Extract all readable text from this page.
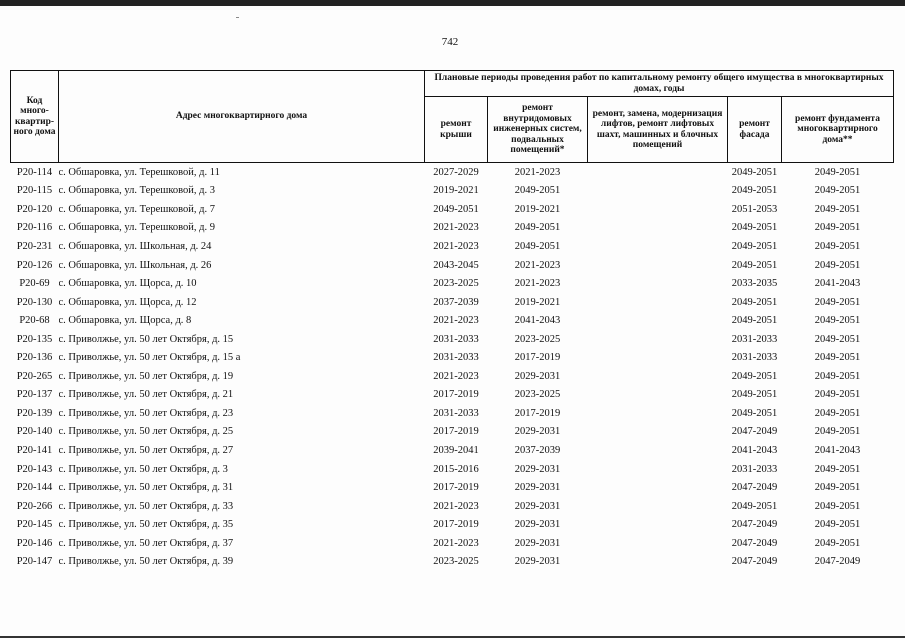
742
Код много-квартир-ного дома	Адрес многоквартирного дома	Плановые периоды проведения работ по капитальному ремонту общего имущества в многоквартирных домах, годы				
		ремонт крыши	ремонт внутридомовых инженерных систем, подвальных помещений*	ремонт, замена, модернизация лифтов, ремонт лифтовых шахт, машинных и блочных помещений	ремонт фасада	ремонт фундамента многоквартирного дома**
P20-114	с. Обшаровка, ул. Терешковой, д. 11	2027-2029	2021-2023		2049-2051	2049-2051
P20-115	с. Обшаровка, ул. Терешковой, д. 3	2019-2021	2049-2051		2049-2051	2049-2051
P20-120	с. Обшаровка, ул. Терешковой, д. 7	2049-2051	2019-2021		2051-2053	2049-2051
P20-116	с. Обшаровка, ул. Терешковой, д. 9	2021-2023	2049-2051		2049-2051	2049-2051
P20-231	с. Обшаровка, ул. Школьная, д. 24	2021-2023	2049-2051		2049-2051	2049-2051
P20-126	с. Обшаровка, ул. Школьная, д. 26	2043-2045	2021-2023		2049-2051	2049-2051
P20-69	с. Обшаровка, ул. Щорса, д. 10	2023-2025	2021-2023		2033-2035	2041-2043
P20-130	с. Обшаровка, ул. Щорса, д. 12	2037-2039	2019-2021		2049-2051	2049-2051
P20-68	с. Обшаровка, ул. Щорса, д. 8	2021-2023	2041-2043		2049-2051	2049-2051
P20-135	с. Приволжье, ул. 50 лет Октября, д. 15	2031-2033	2023-2025		2031-2033	2049-2051
P20-136	с. Приволжье, ул. 50 лет Октября, д. 15 а	2031-2033	2017-2019		2031-2033	2049-2051
P20-265	с. Приволжье, ул. 50 лет Октября, д. 19	2021-2023	2029-2031		2049-2051	2049-2051
P20-137	с. Приволжье, ул. 50 лет Октября, д. 21	2017-2019	2023-2025		2049-2051	2049-2051
P20-139	с. Приволжье, ул. 50 лет Октября, д. 23	2031-2033	2017-2019		2049-2051	2049-2051
P20-140	с. Приволжье, ул. 50 лет Октября, д. 25	2017-2019	2029-2031		2047-2049	2049-2051
P20-141	с. Приволжье, ул. 50 лет Октября, д. 27	2039-2041	2037-2039		2041-2043	2041-2043
P20-143	с. Приволжье, ул. 50 лет Октября, д. 3	2015-2016	2029-2031		2031-2033	2049-2051
P20-144	с. Приволжье, ул. 50 лет Октября, д. 31	2017-2019	2029-2031		2047-2049	2049-2051
P20-266	с. Приволжье, ул. 50 лет Октября, д. 33	2021-2023	2029-2031		2049-2051	2049-2051
P20-145	с. Приволжье, ул. 50 лет Октября, д. 35	2017-2019	2029-2031		2047-2049	2049-2051
P20-146	с. Приволжье, ул. 50 лет Октября, д. 37	2021-2023	2029-2031		2047-2049	2049-2051
P20-147	с. Приволжье, ул. 50 лет Октября, д. 39	2023-2025	2029-2031		2047-2049	2047-2049
